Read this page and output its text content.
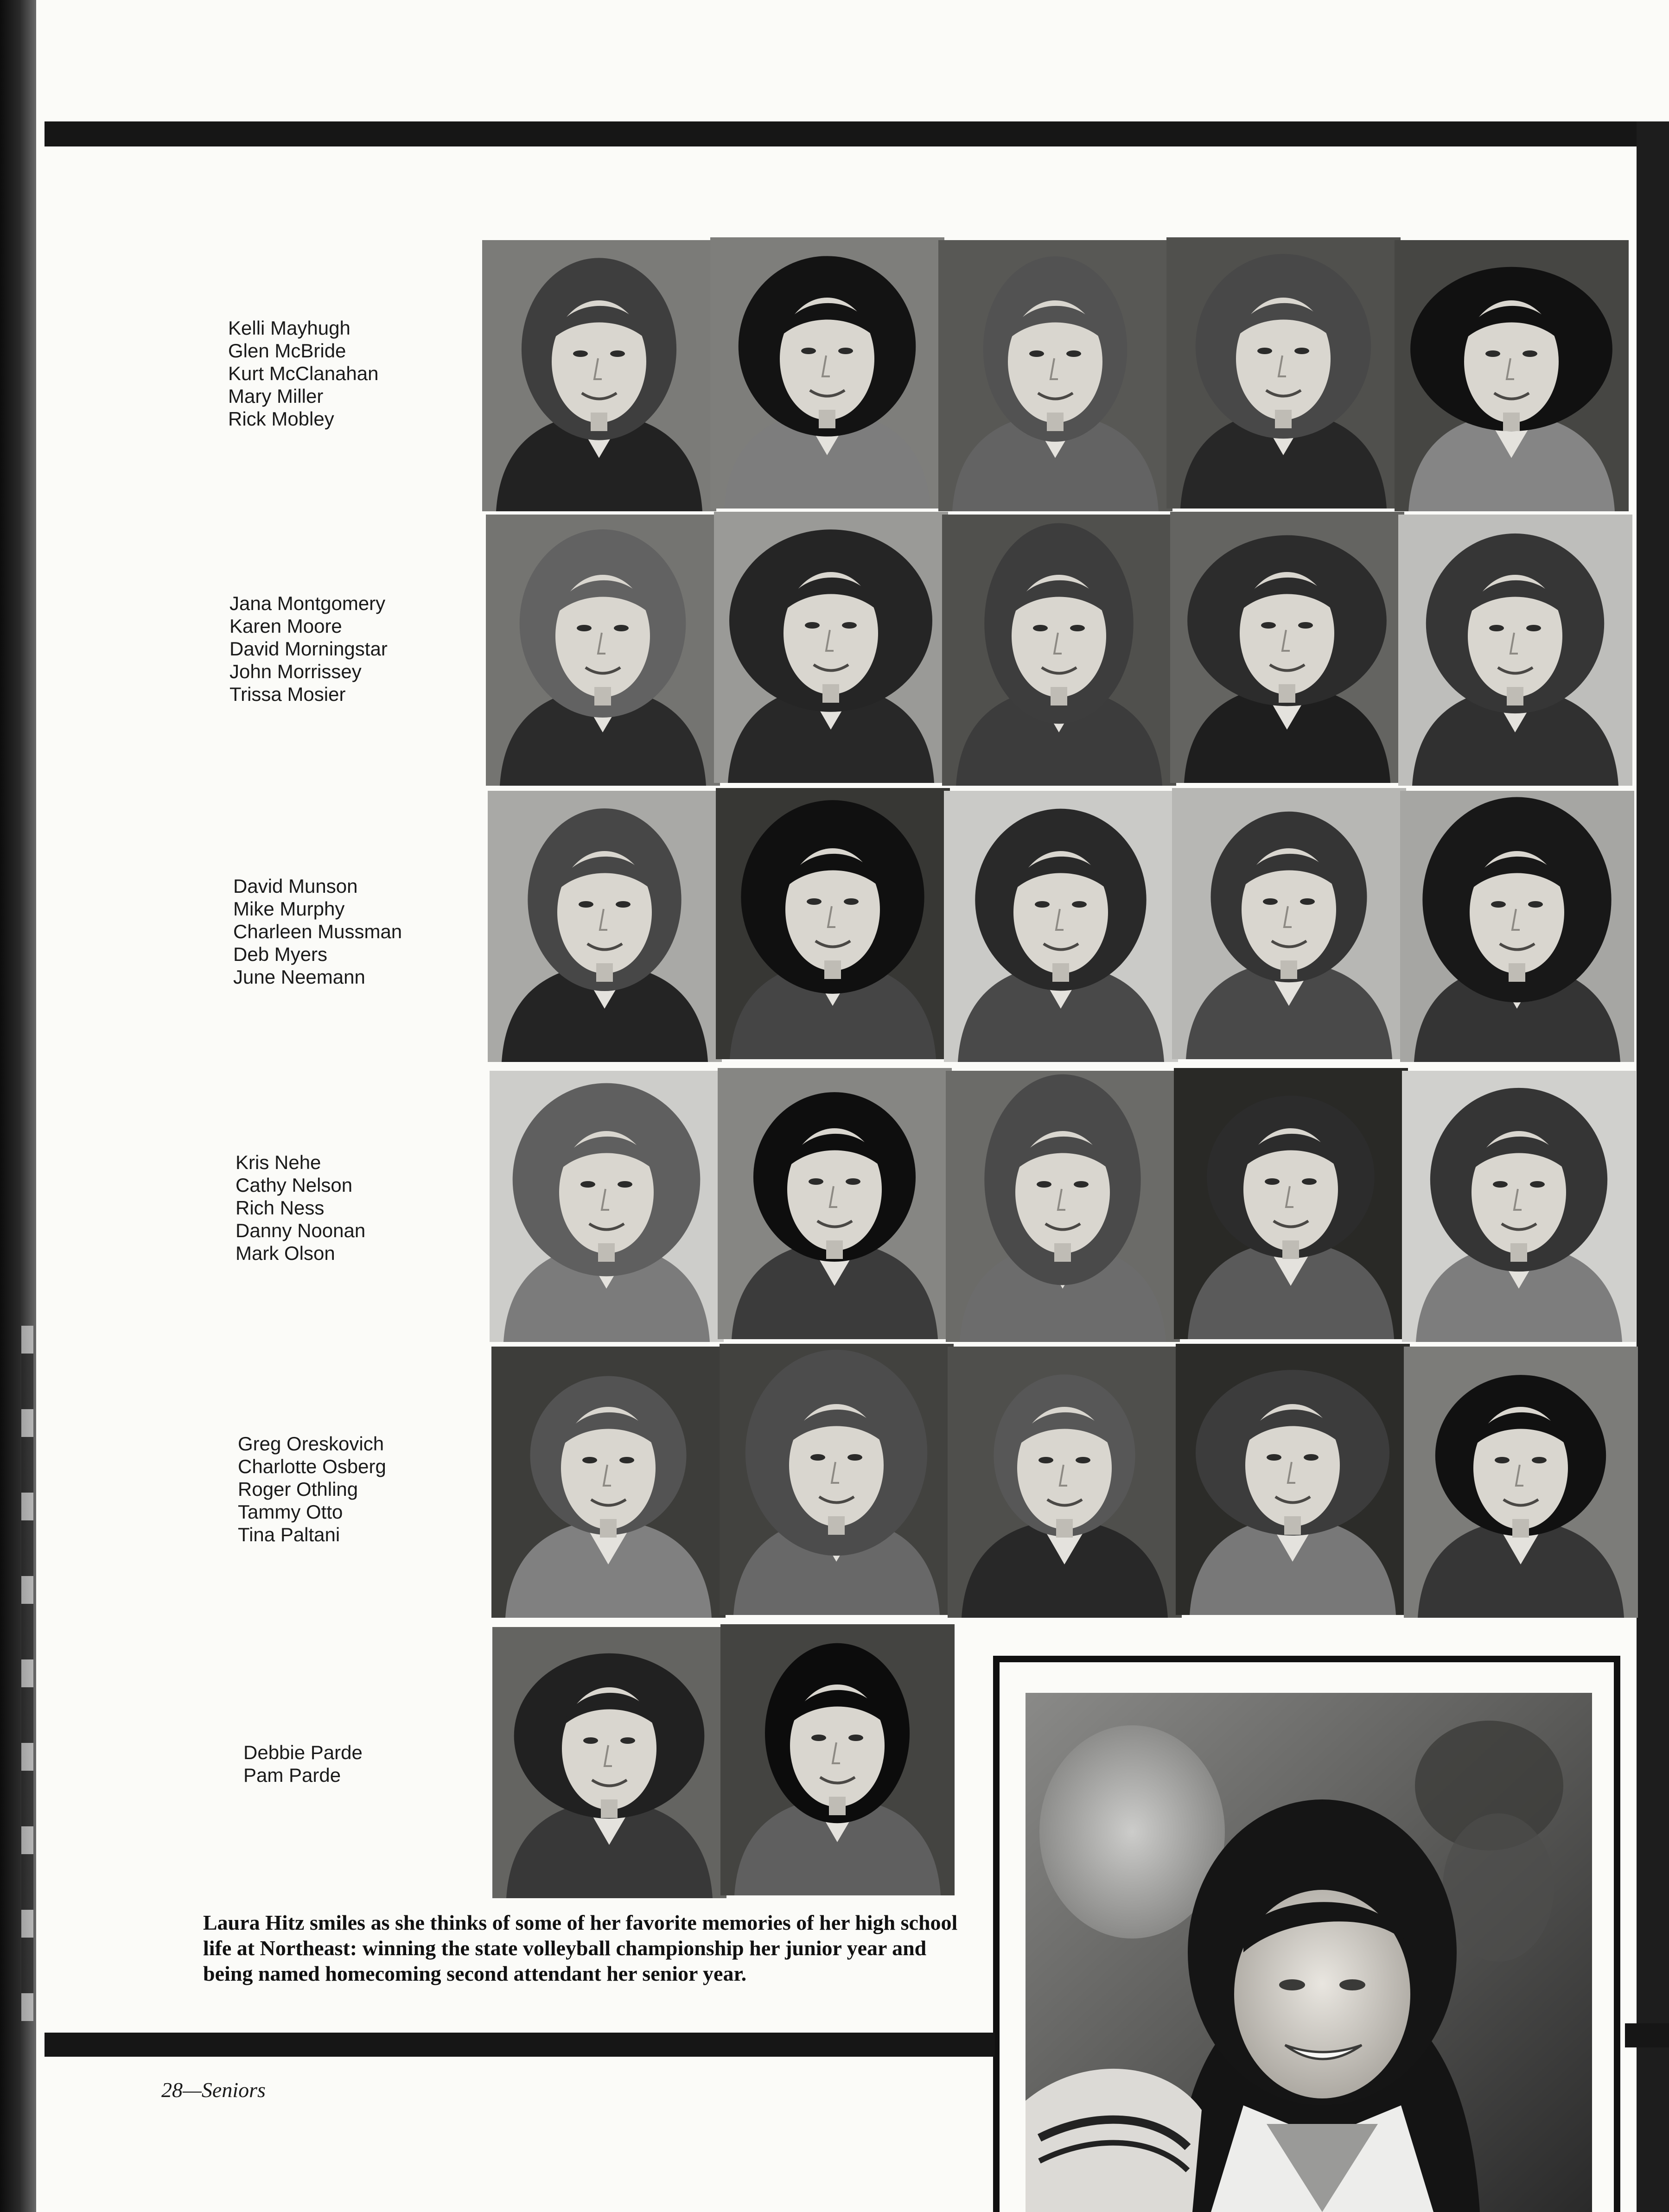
Kelli Mayhugh
Glen McBride
Kurt McClanahan
Mary Miller
Rick Mobley
Jana Montgomery
Karen Moore
David Morningstar
John Morrissey
Trissa Mosier
David Munson
Mike Murphy
Charleen Mussman
Deb Myers
June Neemann
Kris Nehe
Cathy Nelson
Rich Ness
Danny Noonan
Mark Olson
Greg Oreskovich
Charlotte Osberg
Roger Othling
Tammy Otto
Tina Paltani
Debbie Parde
Pam Parde
Laura Hitz smiles as she thinks of some of her favorite memories of her high school life at Northeast: winning the state volleyball championship her junior year and being named homecoming second attendant her senior year.
28—Seniors
